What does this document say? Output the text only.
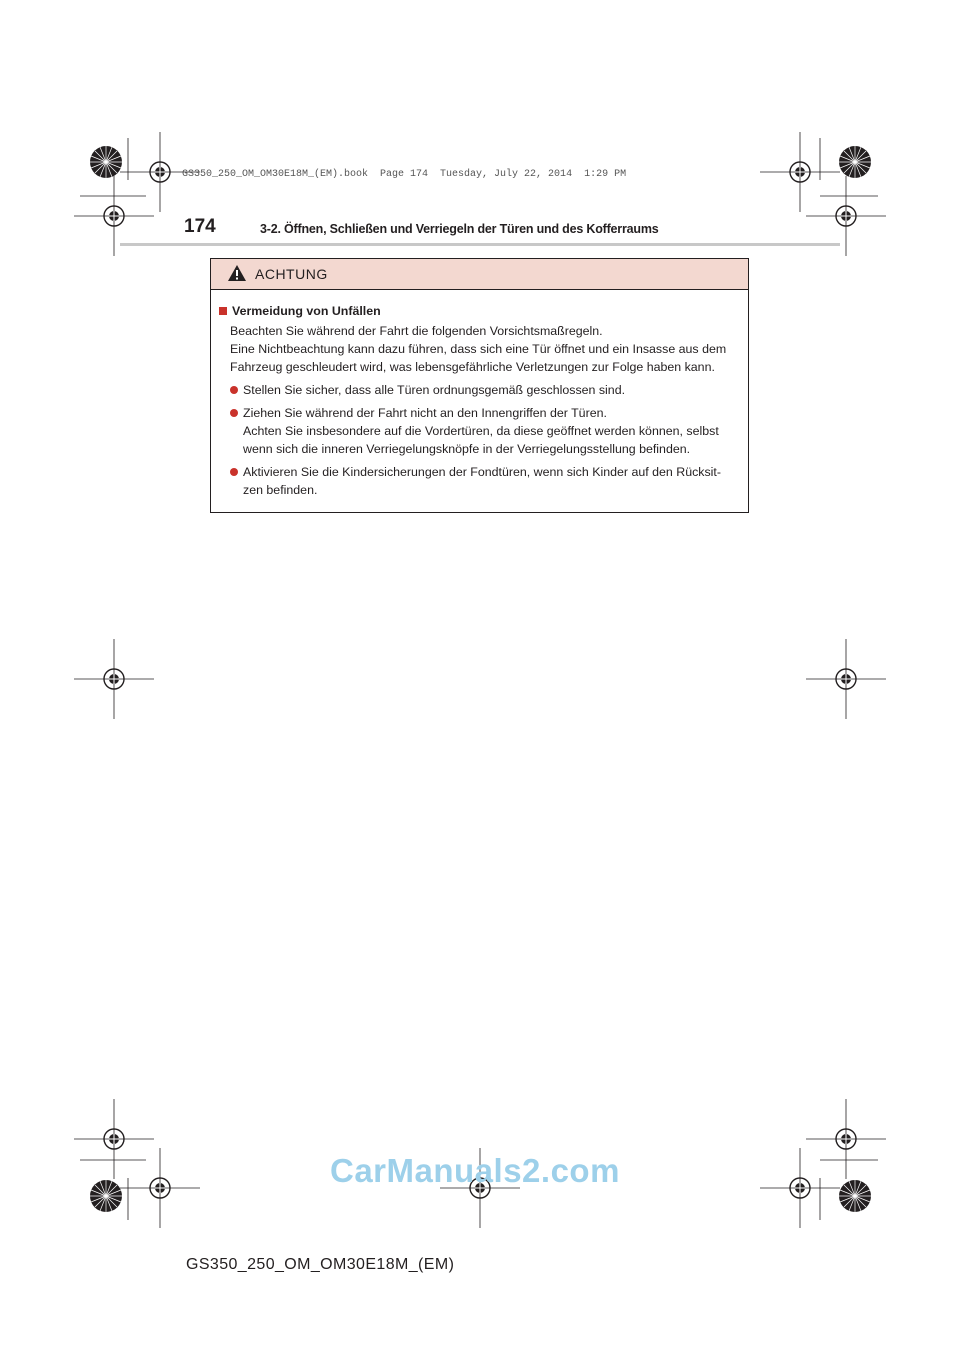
GS350_250_OM_OM30E18M_(EM).book  Page 174  Tuesday, July 22, 2014  1:29 PM
174	3-2. Öffnen, Schließen und Verriegeln der Türen und des Kofferraums
ACHTUNG
Vermeidung von Unfällen
Beachten Sie während der Fahrt die folgenden Vorsichtsmaßregeln.
Eine Nichtbeachtung kann dazu führen, dass sich eine Tür öffnet und ein Insasse aus dem
Fahrzeug geschleudert wird, was lebensgefährliche Verletzungen zur Folge haben kann.
Stellen Sie sicher, dass alle Türen ordnungsgemäß geschlossen sind.
Ziehen Sie während der Fahrt nicht an den Innengriffen der Türen.
Achten Sie insbesondere auf die Vordertüren, da diese geöffnet werden können, selbst
wenn sich die inneren Verriegelungsknöpfe in der Verriegelungsstellung befinden.
Aktivieren Sie die Kindersicherungen der Fondtüren, wenn sich Kinder auf den Rücksit-
zen befinden.
CarManuals2.com
GS350_250_OM_OM30E18M_(EM)
